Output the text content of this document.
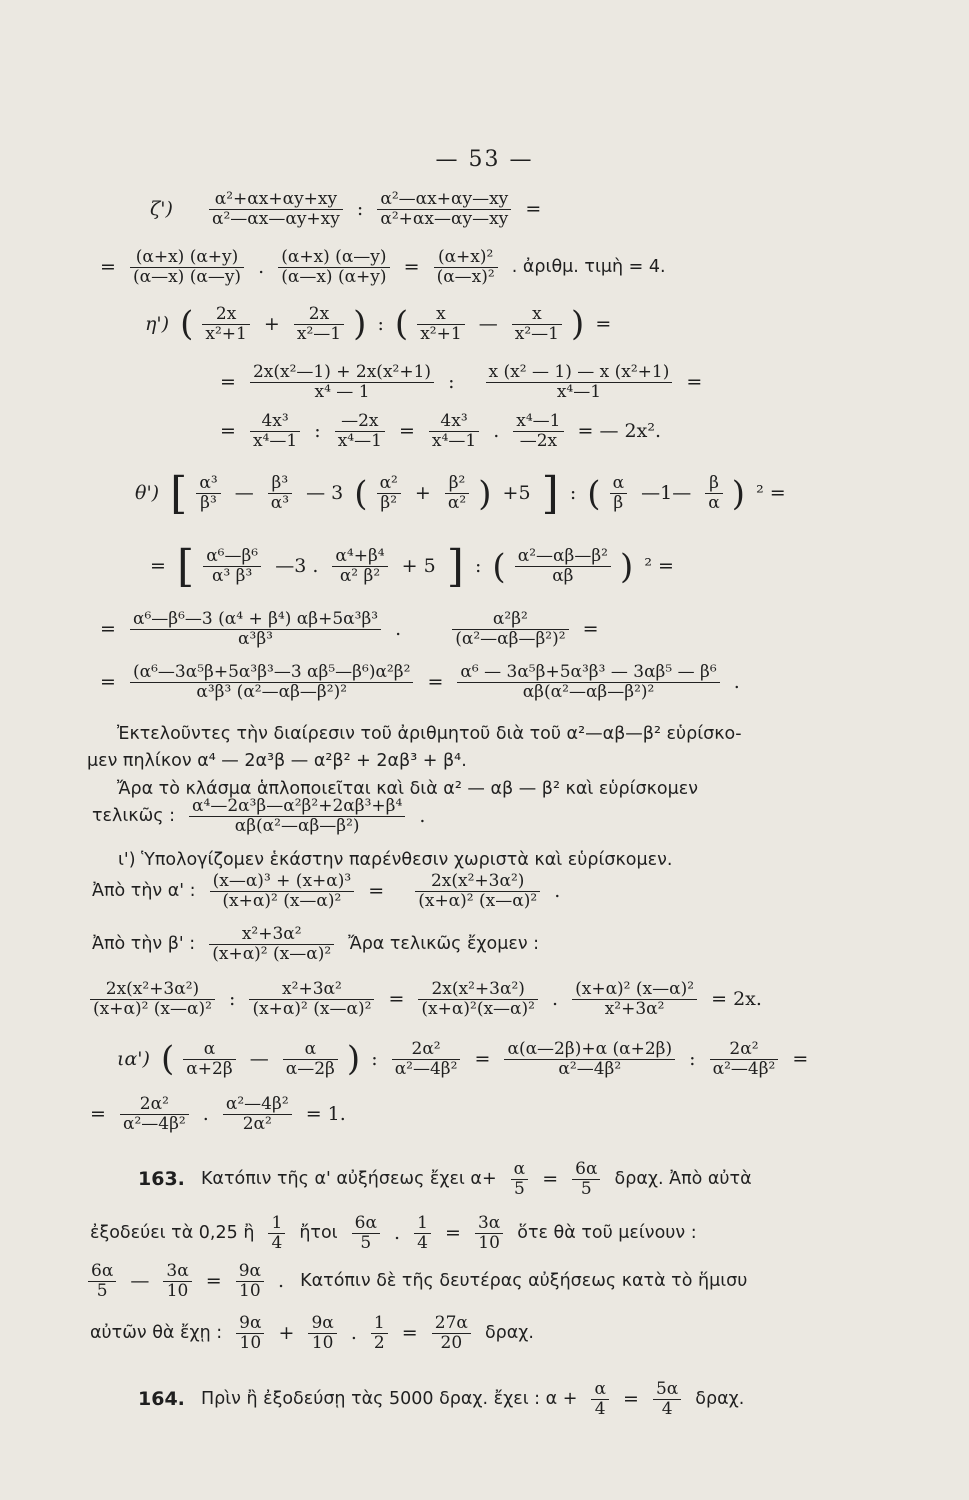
— 53 —
$\zeta') \frac{\text{α²+αx+αy+xy}}{\text{α²—αx—αy+xy}}$ : $\frac{\text{α²—αx+αy—xy}}{\text{α²+αx—αy—xy}}$ =
= $\frac{(\alpha+x) (\alpha+y)}{(\alpha—x) (\alpha—y)}$ . $\frac{(\alpha+x) (\alpha—y)}{(\alpha—x) (\alpha+y)} = \frac{\text{(α+x)²}}{\text{(α—x)²}}$ . ἀριθμ. τιμὴ = 4.
η') ( $\frac{2x}{\text{x²+1}} + \frac{2x}{\text{x²—1}}$ ) : ( $\frac{x}{\text{x²+1}}$ — $\frac{x}{\text{x²—1}}$ ) =
= $\frac{\text{2x(x²—1) + 2x(x²+1)}}{\text{x⁴ — 1}}$ : $\frac{\text{x (x² — 1) — x (x²+1)}}{\text{x⁴—1}}$ =
= $\frac{\text{4x³}}{\text{x⁴—1}}$ : $\frac{—2x}{\text{x⁴—1}} = \frac{\text{4x³}}{\text{x⁴—1}}$ . $\frac{\text{x⁴—1}}{—2x}$ = — 2x².
θ') [ $\frac{\text{α³}}{\text{β³}}$ — $\frac{\text{β³}}{\text{α³}}$ — 3 ( $\frac{\text{α²}}{\text{β²}} + \frac{\text{β²}}{\text{α²}}$ ) +5 ] : ( $\frac{\alpha}{\beta}$ —1— $\frac{\beta}{\alpha}$ ) ² =
= [ $\frac{\text{α⁶—β⁶}}{\text{α³ β³}}$ —3 . $\frac{\text{α⁴+β⁴}}{\text{α² β²}} + 5$ ] : ( $\frac{\text{α²—αβ—β²}}{\alpha\beta}$ ) ² =
= $\frac{\text{α⁶—β⁶—3 (α⁴ + β⁴) αβ+5α³β³}}{\text{α³β³}}$ .	$\frac{\text{α²β²}}{\text{(α²—αβ—β²)²}}$ =
= $\frac{\text{(α⁶—3α⁵β+5α³β³—3 αβ⁵—β⁶)α²β²}}{\text{α³β³ (α²—αβ—β²)²}} = \frac{\text{α⁶ — 3α⁵β+5α³β³ — 3αβ⁵ — β⁶}}{\text{αβ(α²—αβ—β²)²}}$ .
Ἐκτελοῦντες τὴν διαίρεσιν τοῦ ἀριθμητοῦ διὰ τοῦ α²—αβ—β² εὑρίσκο-
μεν πηλίκον α⁴ — 2α³β — α²β² + 2αβ³ + β⁴.
Ἄρα τὸ κλάσμα ἁπλοποιεῖται καὶ διὰ α² — αβ — β² καὶ εὑρίσκομεν
τελικῶς : $\frac{\text{α⁴—2α³β—α²β²+2αβ³+β⁴}}{\text{αβ(α²—αβ—β²)}}$ .
ι') Ὑπολογίζομεν ἑκάστην παρένθεσιν χωριστὰ καὶ εὑρίσκομεν.
Ἀπὸ τὴν α' : $\frac{\text{(x—α)³ + (x+α)³}}{\text{(x+α)² (x—α)²}} = \frac{\text{2x(x²+3α²)}}{\text{(x+α)² (x—α)²}}$ .
Ἀπὸ τὴν β' : $\frac{\text{x²+3α²}}{\text{(x+α)² (x—α)²}}$ Ἄρα τελικῶς ἔχομεν :
$\frac{\text{2x(x²+3α²)}}{\text{(x+α)² (x—α)²}}$ : $\frac{\text{x²+3α²}}{\text{(x+α)² (x—α)²}} = \frac{\text{2x(x²+3α²)}}{\text{(x+α)²(x—α)²}}$ . $\frac{\text{(x+α)² (x—α)²}}{\text{x²+3α²}} = 2x$.
ια') ( $\frac{\alpha}{\alpha+2\beta}$ — $\frac{\alpha}{\alpha—2\beta}$ ) : $\frac{\text{2α²}}{\text{α²—4β²}} = \frac{\alpha(\alpha—2\beta)+\alpha (\alpha+2\beta)}{\text{α²—4β²}}$ : $\frac{\text{2α²}}{\text{α²—4β²}}$ =
= $\frac{\text{2α²}}{\text{α²—4β²}}$ . $\frac{\text{α²—4β²}}{\text{2α²}} = 1$.
163. Κατόπιν τῆς α' αὐξήσεως ἔχει $\alpha+ \frac{\alpha}{5} = \frac{6\alpha}{5} \delta\rho\alpha\chi$. Ἀπὸ αὐτὰ
ἐξοδεύει τὰ 0,25 ἢ $\frac{1}{4}$ ἤτοι $\frac{6\alpha}{5}$ . $\frac{1}{4} = \frac{3\alpha}{10}$ ὅτε θὰ τοῦ μείνουν :
$\frac{6\alpha}{5}$ — $\frac{3\alpha}{10} = \frac{9\alpha}{10}$ . Κατόπιν δὲ τῆς δευτέρας αὐξήσεως κατὰ τὸ ἥμισυ
αὐτῶν θὰ ἔχῃ : $\frac{9\alpha}{10} + \frac{9\alpha}{10}$ . $\frac{1}{2} = \frac{27\alpha}{20} \delta\rho\alpha\chi$.
164. Πρὶν ἢ ἐξοδεύσῃ τὰς 5000 δραχ. ἔχει : $\alpha + \frac{\alpha}{4} = \frac{5\alpha}{4} \delta\rho\alpha\chi$.
